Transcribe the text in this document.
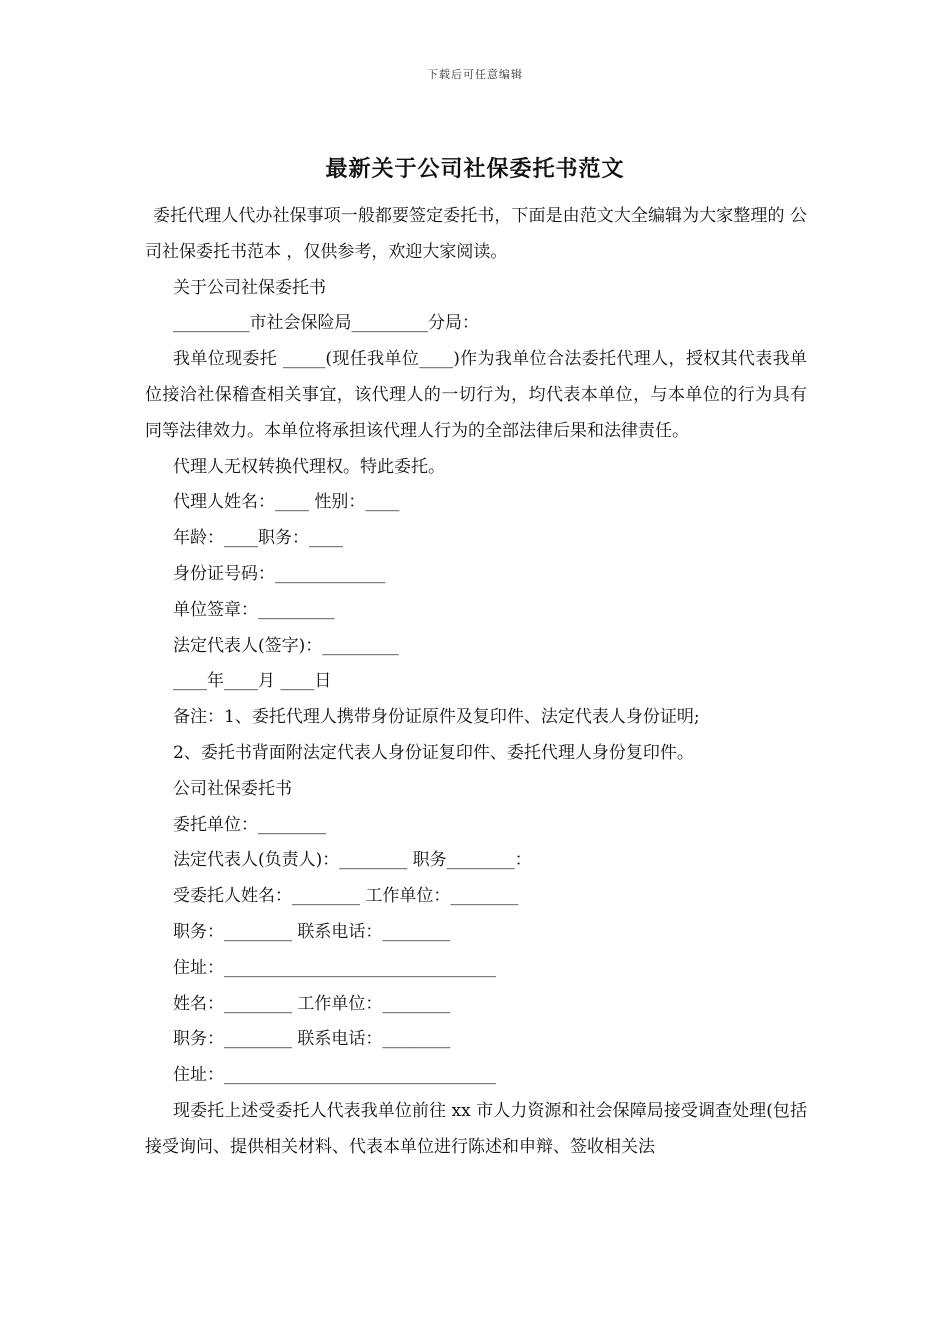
下载后可任意编辑
最新关于公司社保委托书范文

委托代理人代办社保事项一般都要签定委托书，下面是由范文大全编辑为大家整理的 公司社保委托书范本 ，仅供参考，欢迎大家阅读。

关于公司社保委托书

_________市社会保险局_________分局：

我单位现委托 _____(现任我单位____)作为我单位合法委托代理人，授权其代表我单位接洽社保稽查相关事宜，该代理人的一切行为，均代表本单位，与本单位的行为具有同等法律效力。本单位将承担该代理人行为的全部法律后果和法律责任。

代理人无权转换代理权。特此委托。

代理人姓名：____ 性别：____

年龄：____职务：____

身份证号码：_____________

单位签章：_________

法定代表人(签字)：_________

____年____月 ____日

备注：1、委托代理人携带身份证原件及复印件、法定代表人身份证明;

2、委托书背面附法定代表人身份证复印件、委托代理人身份复印件。

公司社保委托书

委托单位：________

法定代表人(负责人)：________ 职务________：

受委托人姓名：________ 工作单位：________

职务：________ 联系电话：________

住址：________________________________

姓名：________ 工作单位：________

职务：________ 联系电话：________

住址：________________________________

现委托上述受委托人代表我单位前往 xx 市人力资源和社会保障局接受调查处理(包括接受询问、提供相关材料、代表本单位进行陈述和申辩、签收相关法
